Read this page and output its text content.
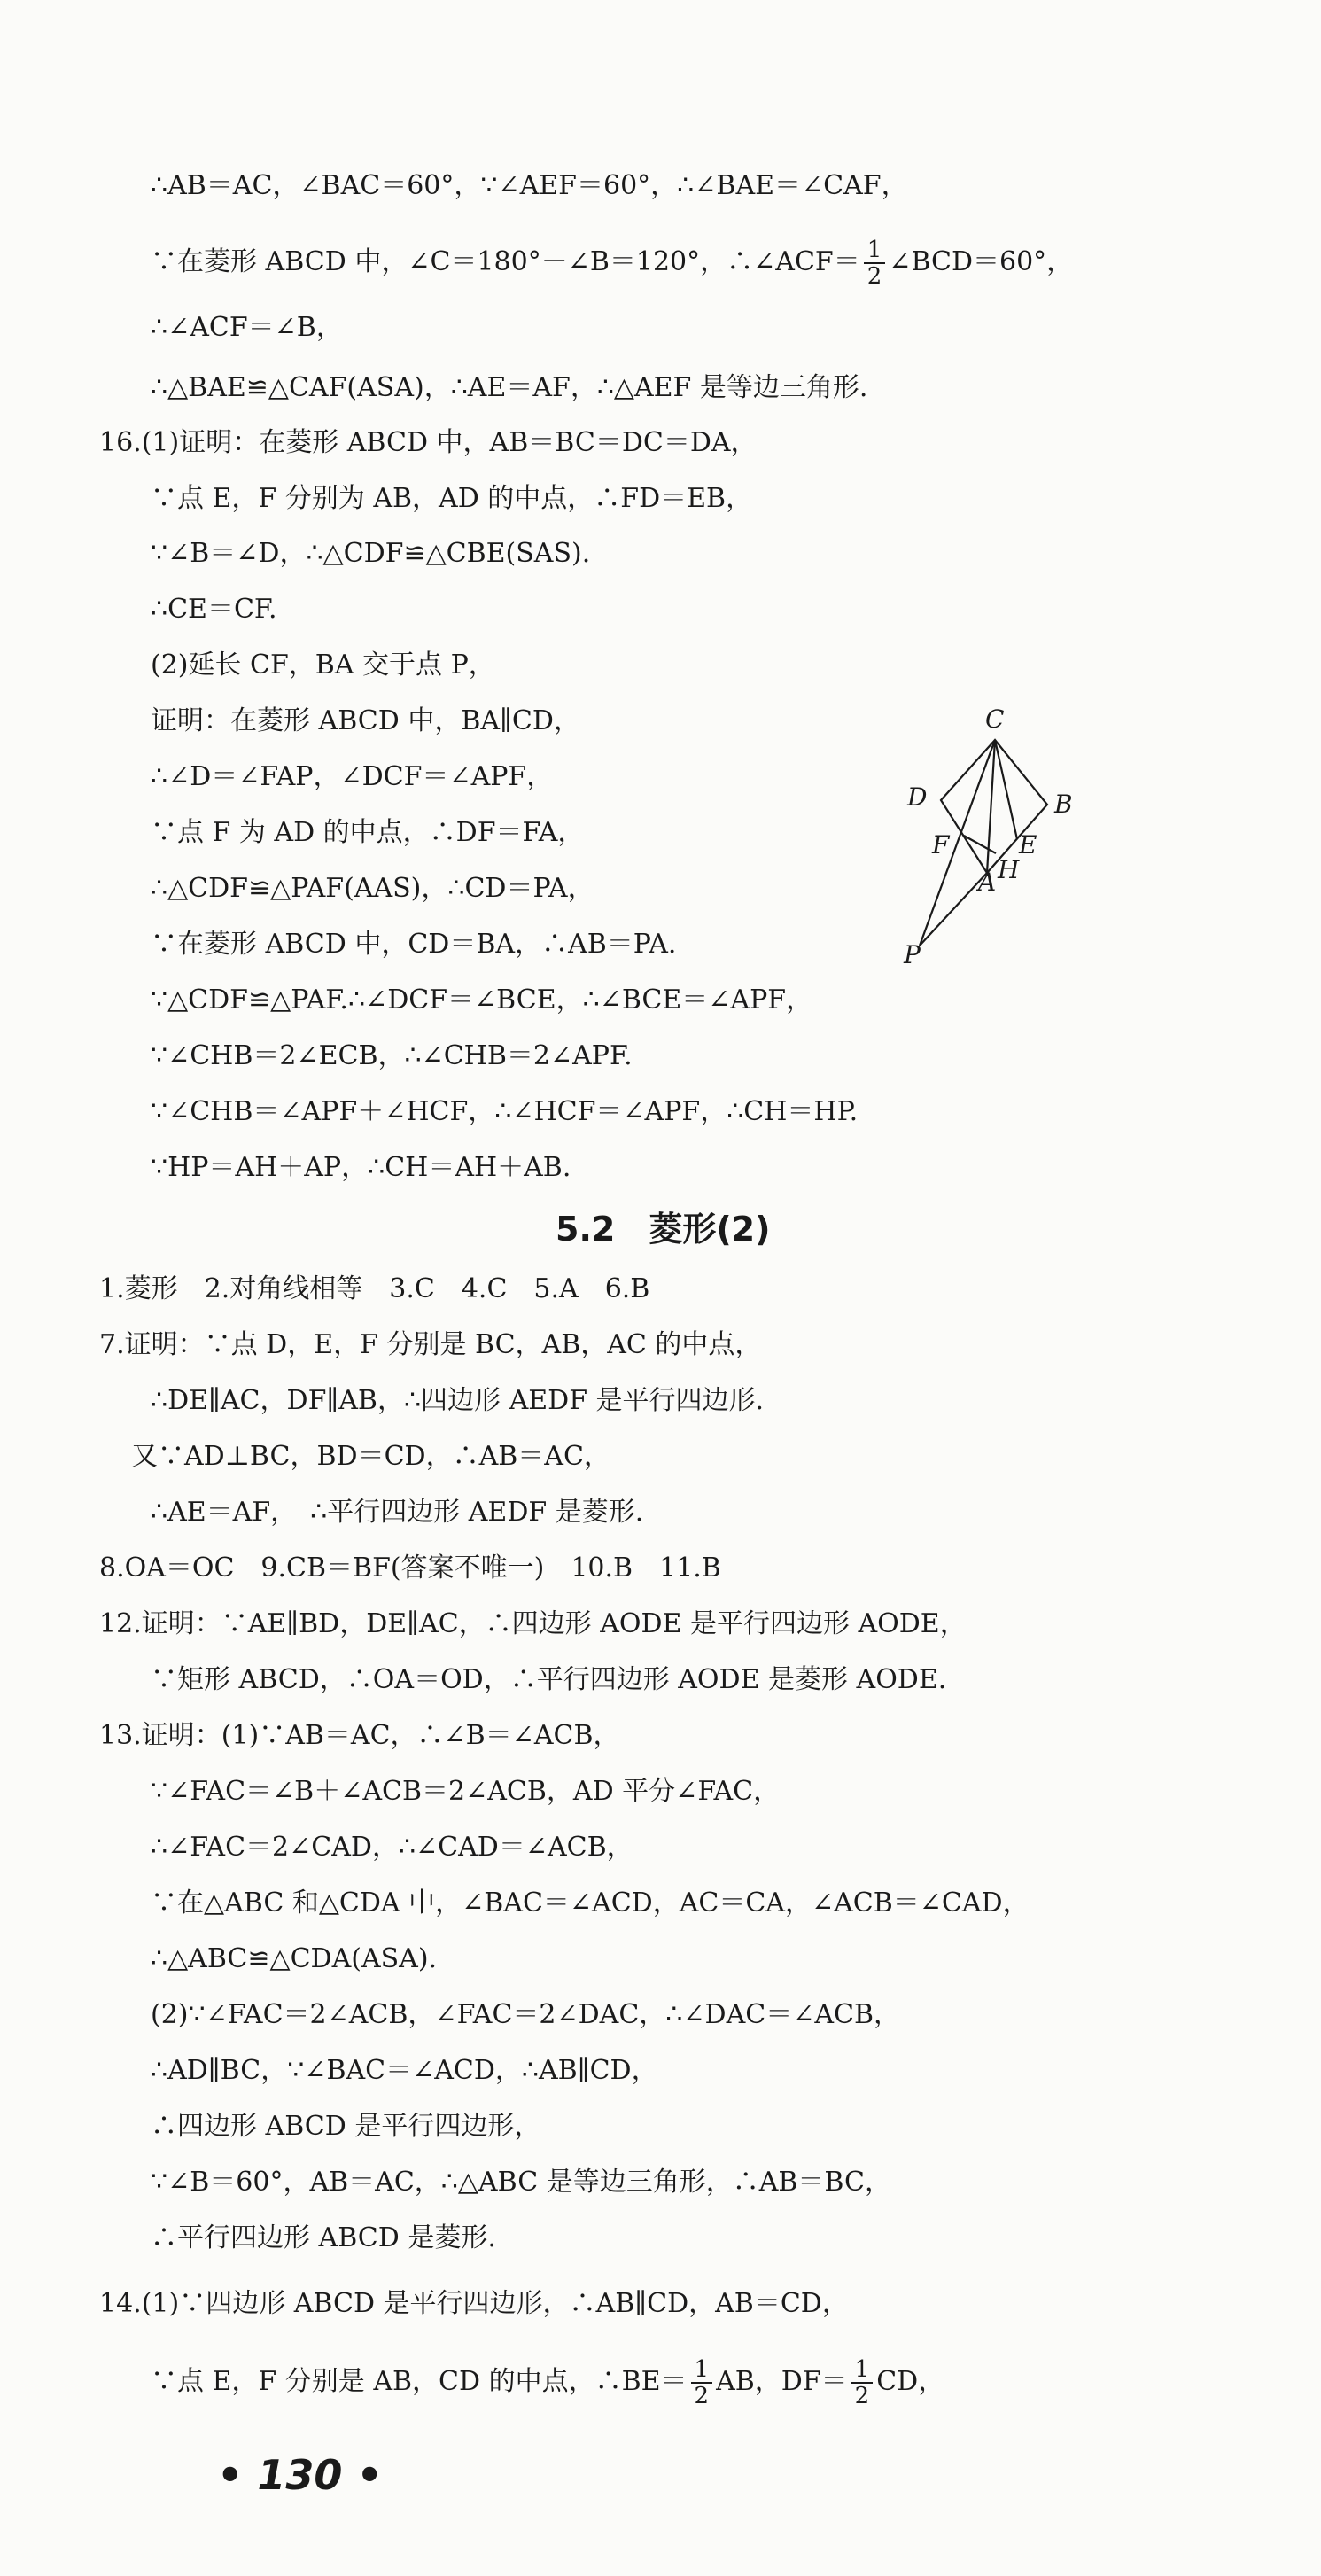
∴AB＝AC，∠BAC＝60°，∵∠AEF＝60°，∴∠BAE＝∠CAF，
∵在菱形 ABCD 中，∠C＝180°－∠B＝120°，∴∠ACF＝ $\frac{1}{2}$ ∠BCD＝60°，
∴∠ACF＝∠B，
∴△BAE≌△CAF(ASA)，∴AE＝AF，∴△AEF 是等边三角形.
16.(1)证明：在菱形 ABCD 中，AB＝BC＝DC＝DA，
∵点 E，F 分别为 AB，AD 的中点，∴FD＝EB，
∵∠B＝∠D，∴△CDF≌△CBE(SAS).
∴CE＝CF.
(2)延长 CF，BA 交于点 P，
证明：在菱形 ABCD 中，BA∥CD，
∴∠D＝∠FAP，∠DCF＝∠APF，
∵点 F 为 AD 的中点，∴DF＝FA，
∴△CDF≌△PAF(AAS)，∴CD＝PA，
∵在菱形 ABCD 中，CD＝BA，∴AB＝PA.
∵△CDF≌△PAF.∴∠DCF＝∠BCE，∴∠BCE＝∠APF，
∵∠CHB＝2∠ECB，∴∠CHB＝2∠APF.
∵∠CHB＝∠APF＋∠HCF，∴∠HCF＝∠APF，∴CH＝HP.
∵HP＝AH＋AP，∴CH＝AH＋AB.
C
D	B
F	E
A H
P
5.2　菱形(2)
1.菱形　2.对角线相等　3.C　4.C　5.A　6.B
7.证明：∵点 D，E，F 分别是 BC，AB，AC 的中点，
∴DE∥AC，DF∥AB，∴四边形 AEDF 是平行四边形.
又∵AD⊥BC，BD＝CD，∴AB＝AC，
∴AE＝AF，　∴平行四边形 AEDF 是菱形.
8.OA＝OC　9.CB＝BF(答案不唯一)　10.B　11.B
12.证明：∵AE∥BD，DE∥AC，∴四边形 AODE 是平行四边形 AODE，
∵矩形 ABCD，∴OA＝OD，∴平行四边形 AODE 是菱形 AODE.
13.证明：(1)∵AB＝AC，∴∠B＝∠ACB，
∵∠FAC＝∠B＋∠ACB＝2∠ACB，AD 平分∠FAC，
∴∠FAC＝2∠CAD，∴∠CAD＝∠ACB，
∵在△ABC 和△CDA 中，∠BAC＝∠ACD，AC＝CA，∠ACB＝∠CAD，
∴△ABC≌△CDA(ASA).
(2)∵∠FAC＝2∠ACB，∠FAC＝2∠DAC，∴∠DAC＝∠ACB，
∴AD∥BC，∵∠BAC＝∠ACD，∴AB∥CD，
∴四边形 ABCD 是平行四边形，
∵∠B＝60°，AB＝AC，∴△ABC 是等边三角形，∴AB＝BC，
∴平行四边形 ABCD 是菱形.
14.(1)∵四边形 ABCD 是平行四边形，∴AB∥CD，AB＝CD，
∵点 E，F 分别是 AB，CD 的中点，∴BE＝ $\frac{1}{2}$ AB，$DF= \frac{1}{2}$ CD，
• 130 •
